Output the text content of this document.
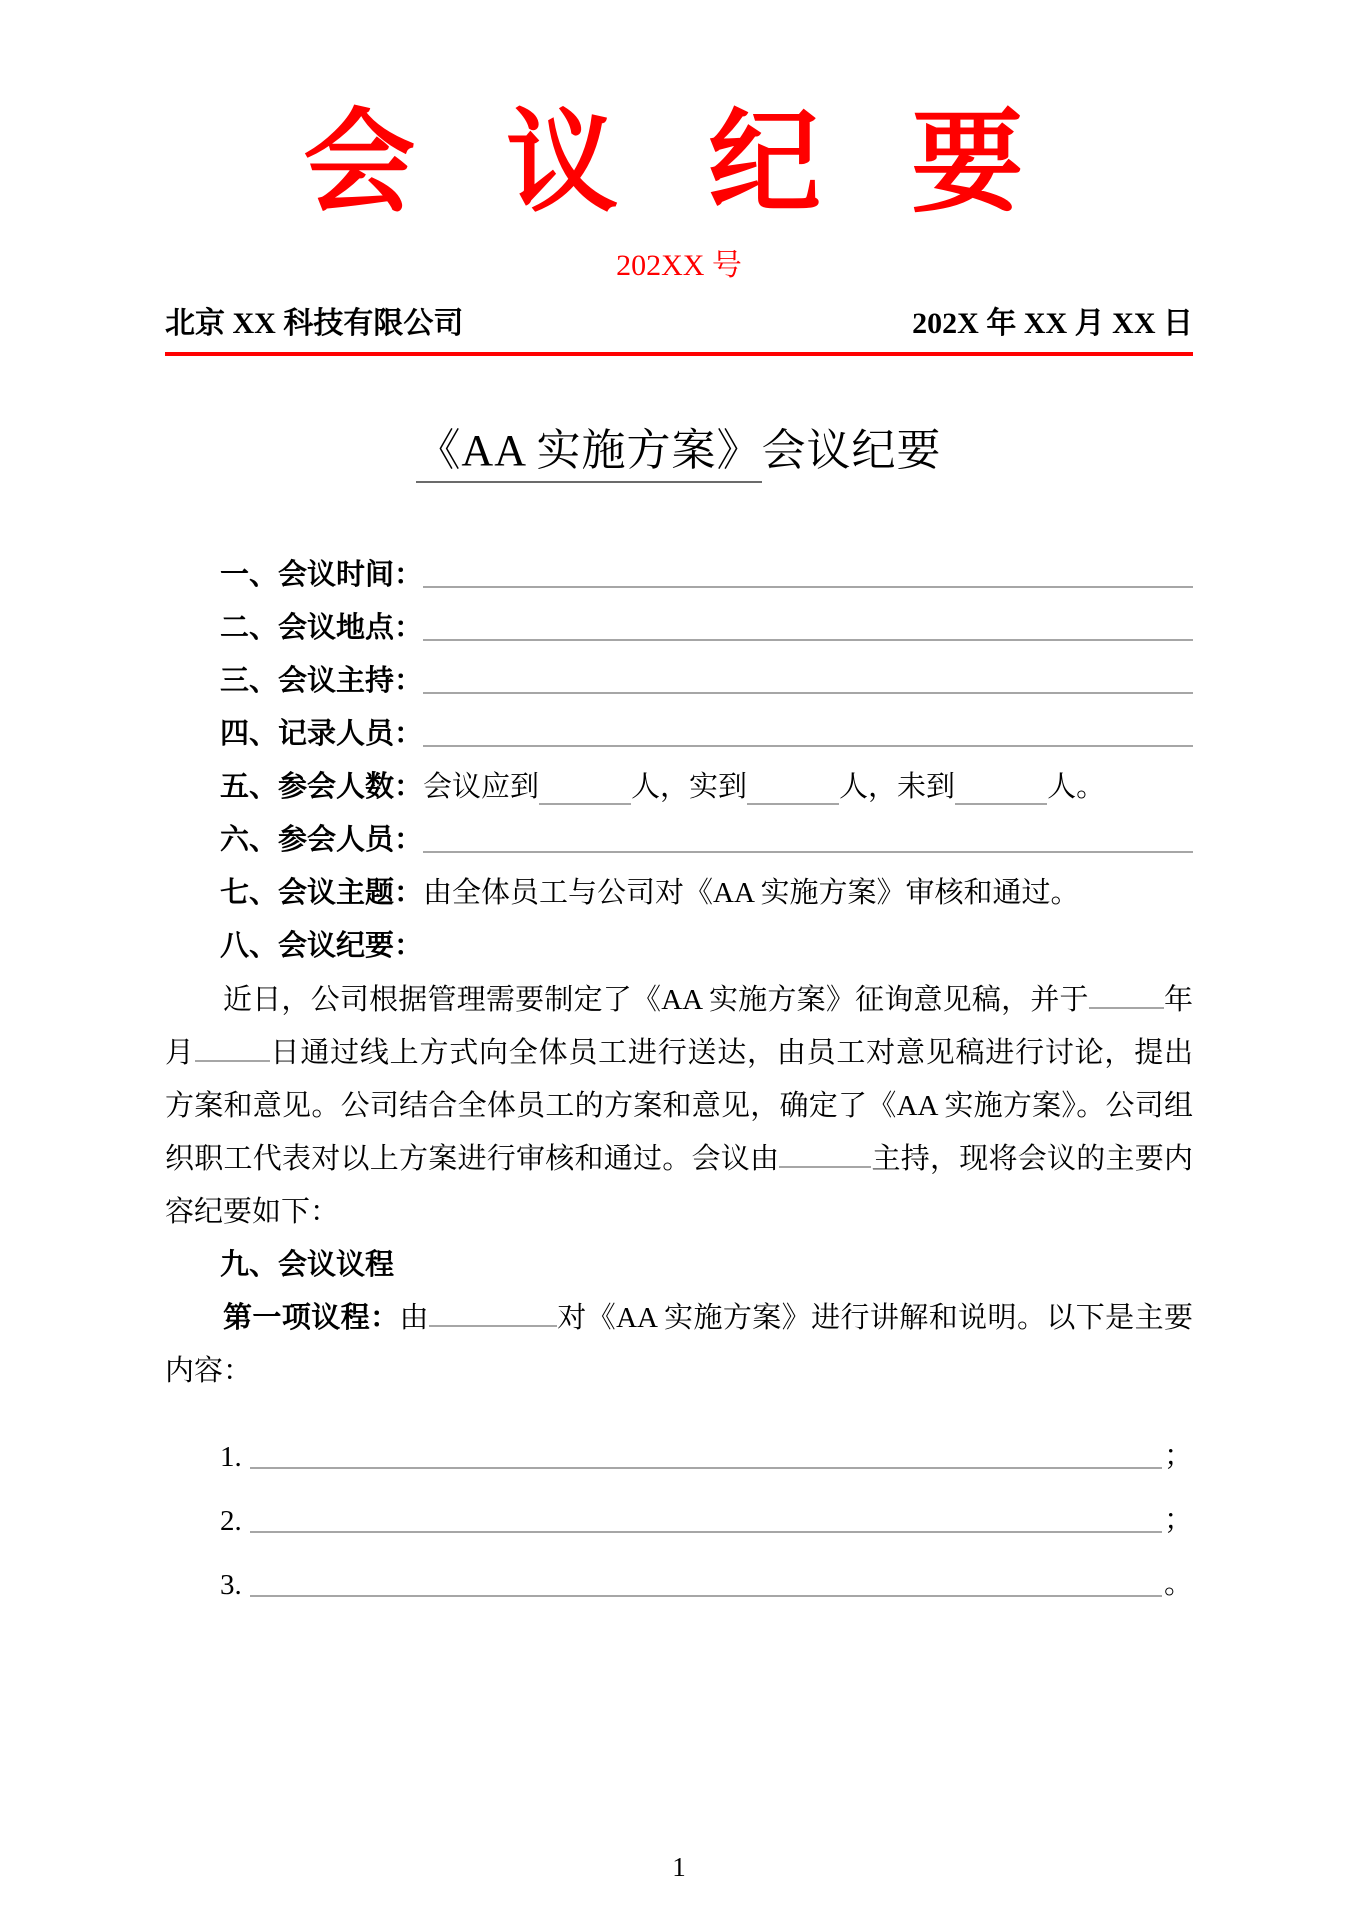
会 议 纪 要
202XX 号
北京 XX 科技有限公司	202X 年 XX 月 XX 日
《AA 实施方案》会议纪要
一、会议时间：
二、会议地点：
三、会议主持：
四、记录人员：
五、参会人数： 会议应到	人，实到	人，未到	人。
六、参会人员：
七、会议主题： 由全体员工与公司对《AA 实施方案》审核和通过。
八、会议纪要：

近日，公司根据管理需要制定了《AA 实施方案》征询意见稿，并于	年月	日通过线上方式向全体员工进行送达，由员工对意见稿进行讨论，提出方案和意见。公司结合全体员工的方案和意见，确定了《AA 实施方案》。公司组织职工代表对以上方案进行审核和通过。会议由	主持，现将会议的主要内容纪要如下：

九、会议议程

第一项议程：由	对《AA 实施方案》进行讲解和说明。以下是主要内容：

1.	；
2.	；
3.	。
1
